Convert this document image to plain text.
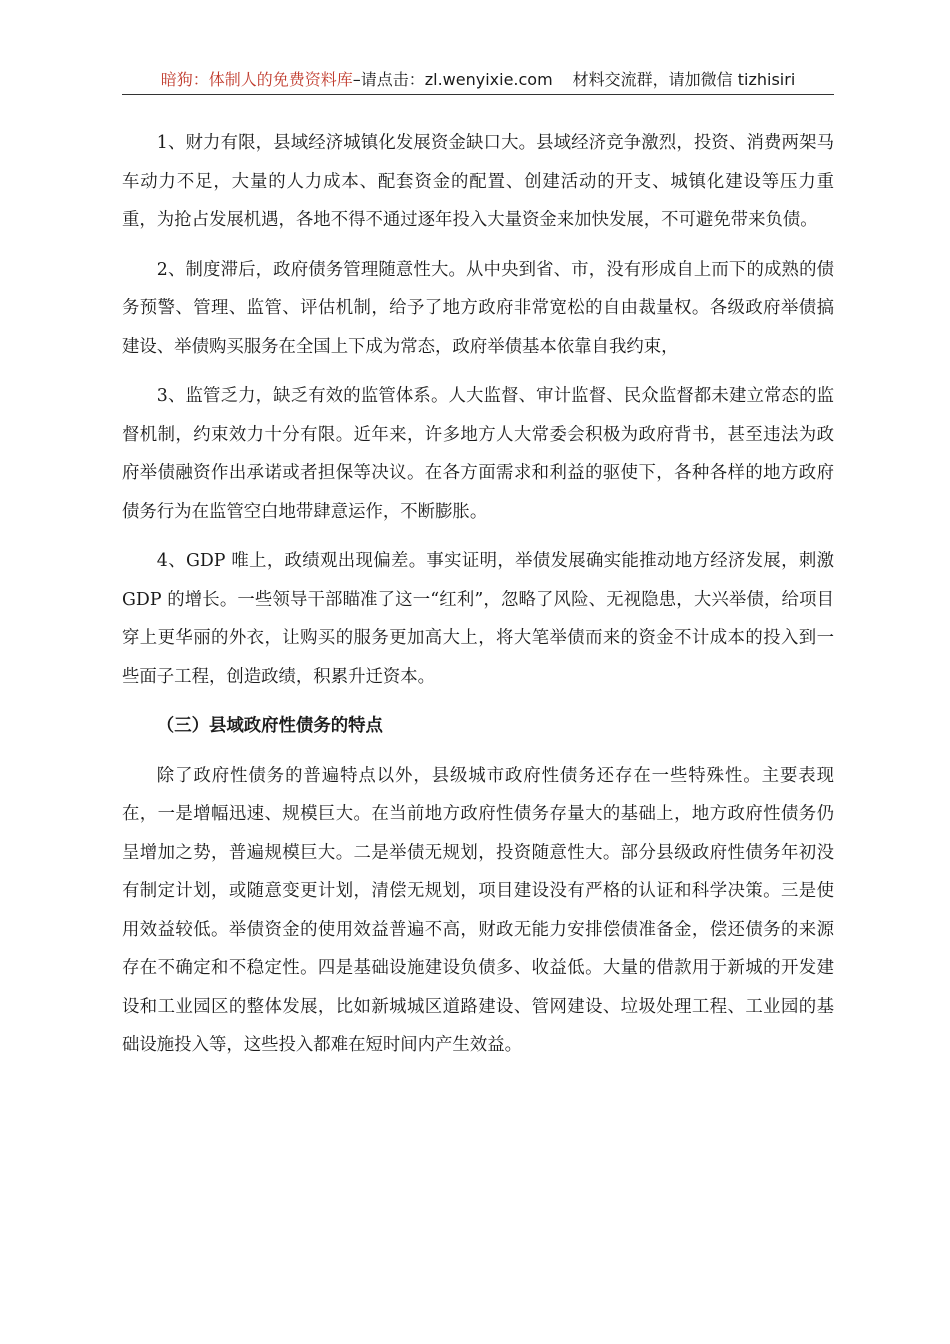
暗狗：体制人的免费资料库–请点击：zl.wenyixie.com 材料交流群，请加微信 tizhisiri

1、财力有限，县域经济城镇化发展资金缺口大。县域经济竞争激烈，投资、消费两架马车动力不足，大量的人力成本、配套资金的配置、创建活动的开支、城镇化建设等压力重重，为抢占发展机遇，各地不得不通过逐年投入大量资金来加快发展，不可避免带来负债。

2、制度滞后，政府债务管理随意性大。从中央到省、市，没有形成自上而下的成熟的债务预警、管理、监管、评估机制，给予了地方政府非常宽松的自由裁量权。各级政府举债搞建设、举债购买服务在全国上下成为常态，政府举债基本依靠自我约束，

3、监管乏力，缺乏有效的监管体系。人大监督、审计监督、民众监督都未建立常态的监督机制，约束效力十分有限。近年来，许多地方人大常委会积极为政府背书，甚至违法为政府举债融资作出承诺或者担保等决议。在各方面需求和利益的驱使下，各种各样的地方政府债务行为在监管空白地带肆意运作，不断膨胀。

4、GDP 唯上，政绩观出现偏差。事实证明，举债发展确实能推动地方经济发展，刺激 GDP 的增长。一些领导干部瞄准了这一“红利”，忽略了风险、无视隐患，大兴举债，给项目穿上更华丽的外衣，让购买的服务更加高大上，将大笔举债而来的资金不计成本的投入到一些面子工程，创造政绩，积累升迁资本。

（三）县域政府性债务的特点

除了政府性债务的普遍特点以外，县级城市政府性债务还存在一些特殊性。主要表现在，一是增幅迅速、规模巨大。在当前地方政府性债务存量大的基础上，地方政府性债务仍呈增加之势，普遍规模巨大。二是举债无规划，投资随意性大。部分县级政府性债务年初没有制定计划，或随意变更计划，清偿无规划，项目建设没有严格的认证和科学决策。三是使用效益较低。举债资金的使用效益普遍不高，财政无能力安排偿债准备金，偿还债务的来源存在不确定和不稳定性。四是基础设施建设负债多、收益低。大量的借款用于新城的开发建设和工业园区的整体发展，比如新城城区道路建设、管网建设、垃圾处理工程、工业园的基础设施投入等，这些投入都难在短时间内产生效益。
